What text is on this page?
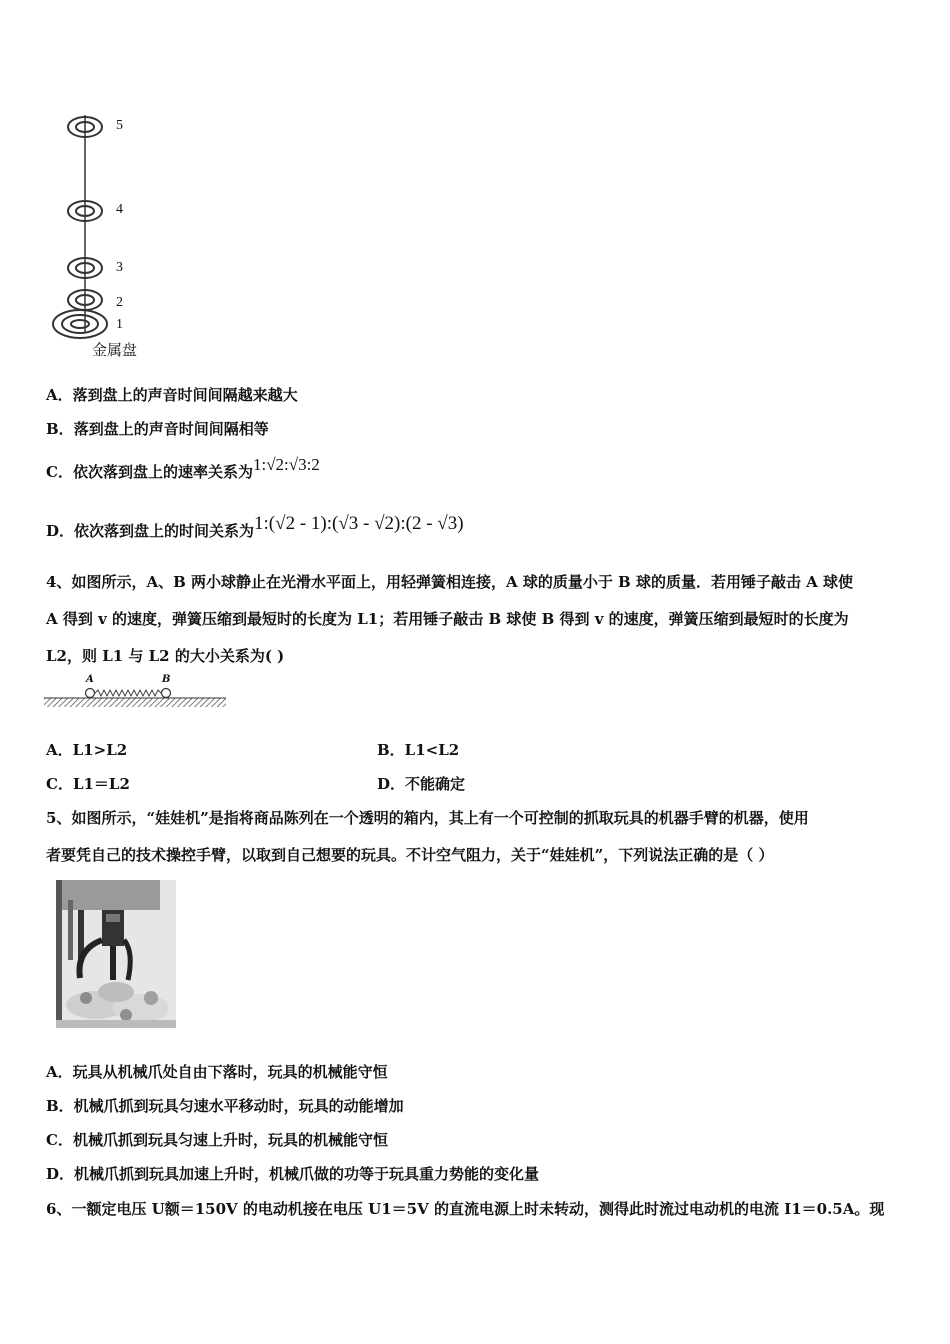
5
4
3
2
1
金属盘
A．落到盘上的声音时间间隔越来越大
B．落到盘上的声音时间间隔相等
C．依次落到盘上的速率关系为1:√2:√3:2
D．依次落到盘上的时间关系为1:(√2 - 1):(√3 - √2):(2 - √3)
4、如图所示，A、B 两小球静止在光滑水平面上，用轻弹簧相连接，A 球的质量小于 B 球的质量．若用锤子敲击 A 球使
A 得到 v 的速度，弹簧压缩到最短时的长度为 L1；若用锤子敲击 B 球使 B 得到 v 的速度，弹簧压缩到最短时的长度为
L2，则 L1 与 L2 的大小关系为( )
A	B
A．L1>L2	B．L1<L2
C．L1＝L2	D．不能确定
5、如图所示，“娃娃机”是指将商品陈列在一个透明的箱内，其上有一个可控制的抓取玩具的机器手臂的机器，使用
者要凭自己的技术操控手臂，以取到自己想要的玩具。不计空气阻力，关于“娃娃机”，下列说法正确的是（ ）
A．玩具从机械爪处自由下落时，玩具的机械能守恒
B．机械爪抓到玩具匀速水平移动时，玩具的动能增加
C．机械爪抓到玩具匀速上升时，玩具的机械能守恒
D．机械爪抓到玩具加速上升时，机械爪做的功等于玩具重力势能的变化量
6、一额定电压 U额＝150V 的电动机接在电压 U1＝5V 的直流电源上时未转动，测得此时流过电动机的电流 I1＝0.5A。现
